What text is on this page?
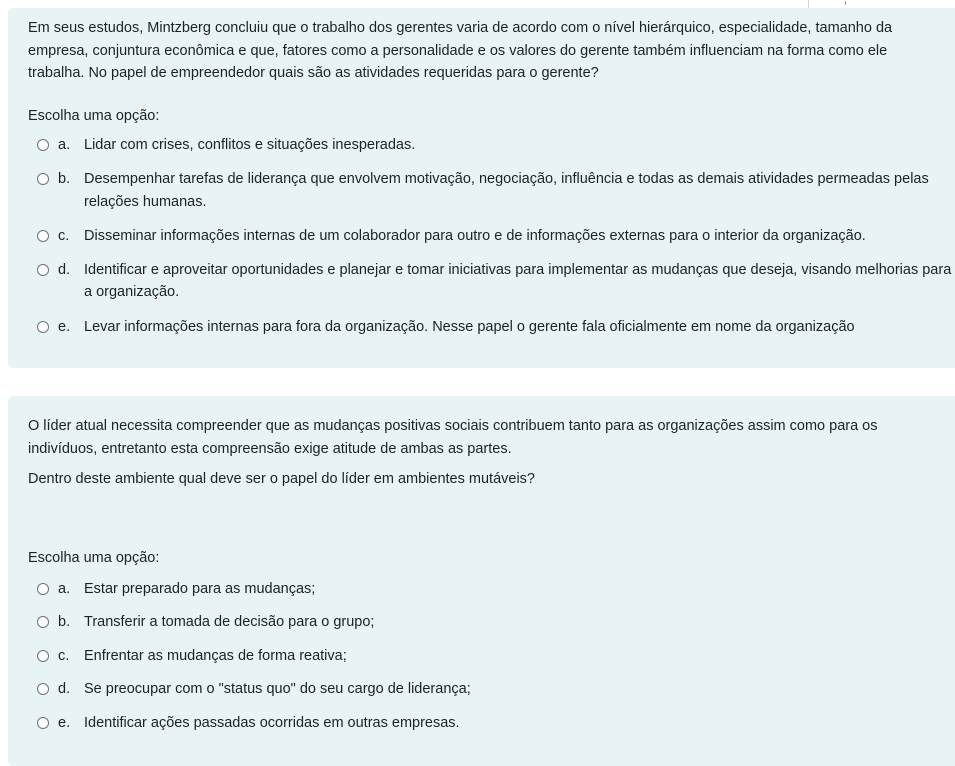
Em seus estudos, Mintzberg concluiu que o trabalho dos gerentes varia de acordo com o nível hierárquico, especialidade, tamanho da empresa, conjuntura econômica e que, fatores como a personalidade e os valores do gerente também influenciam na forma como ele trabalha. No papel de empreendedor quais são as atividades requeridas para o gerente?

Escolha uma opção:
a. Lidar com crises, conflitos e situações inesperadas.
b. Desempenhar tarefas de liderança que envolvem motivação, negociação, influência e todas as demais atividades permeadas pelas relações humanas.
c. Disseminar informações internas de um colaborador para outro e de informações externas para o interior da organização.
d. Identificar e aproveitar oportunidades e planejar e tomar iniciativas para implementar as mudanças que deseja, visando melhorias para a organização.
e. Levar informações internas para fora da organização. Nesse papel o gerente fala oficialmente em nome da organização

O líder atual necessita compreender que as mudanças positivas sociais contribuem tanto para as organizações assim como para os indivíduos, entretanto esta compreensão exige atitude de ambas as partes.

Dentro deste ambiente qual deve ser o papel do líder em ambientes mutáveis?

Escolha uma opção:
a. Estar preparado para as mudanças;
b. Transferir a tomada de decisão para o grupo;
c. Enfrentar as mudanças de forma reativa;
d. Se preocupar com o "status quo" do seu cargo de liderança;
e. Identificar ações passadas ocorridas em outras empresas.
